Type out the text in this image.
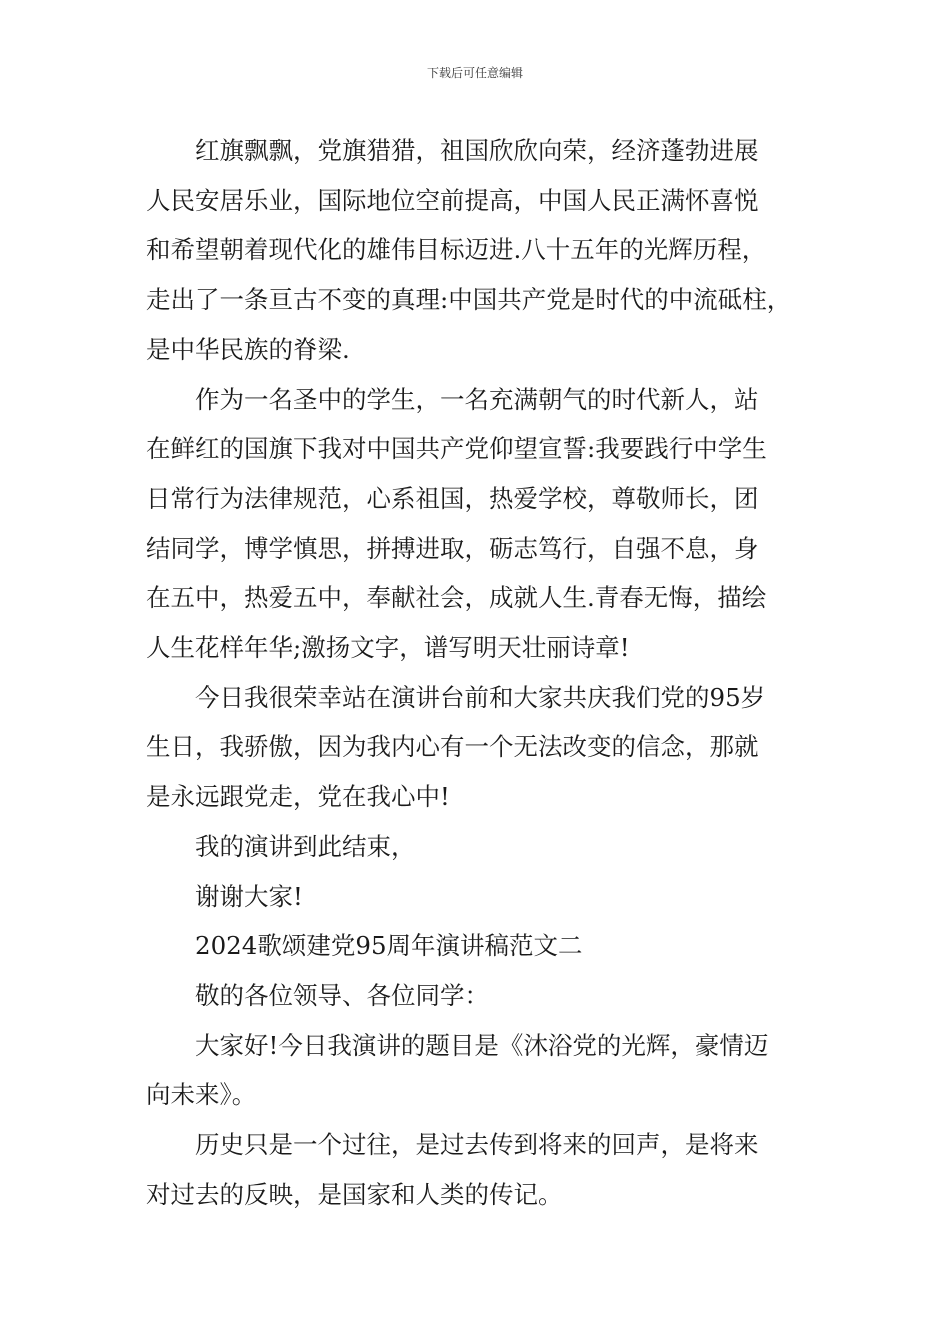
下载后可任意编辑

红旗飘飘，党旗猎猎，祖国欣欣向荣，经济蓬勃进展
人民安居乐业，国际地位空前提高，中国人民正满怀喜悦
和希望朝着现代化的雄伟目标迈进.八十五年的光辉历程，
走出了一条亘古不变的真理:中国共产党是时代的中流砥柱，
是中华民族的脊梁.

作为一名圣中的学生，一名充满朝气的时代新人，站
在鲜红的国旗下我对中国共产党仰望宣誓:我要践行中学生
日常行为法律规范，心系祖国，热爱学校，尊敬师长，团
结同学，博学慎思，拼搏进取，砺志笃行，自强不息，身
在五中，热爱五中，奉献社会，成就人生.青春无悔，描绘
人生花样年华;激扬文字，谱写明天壮丽诗章!

今日我很荣幸站在演讲台前和大家共庆我们党的95岁
生日，我骄傲，因为我内心有一个无法改变的信念，那就
是永远跟党走，党在我心中!

我的演讲到此结束，

谢谢大家!

2024歌颂建党95周年演讲稿范文二

敬的各位领导、各位同学：

大家好!今日我演讲的题目是《沐浴党的光辉，豪情迈
向未来》。

历史只是一个过往，是过去传到将来的回声，是将来
对过去的反映，是国家和人类的传记。
